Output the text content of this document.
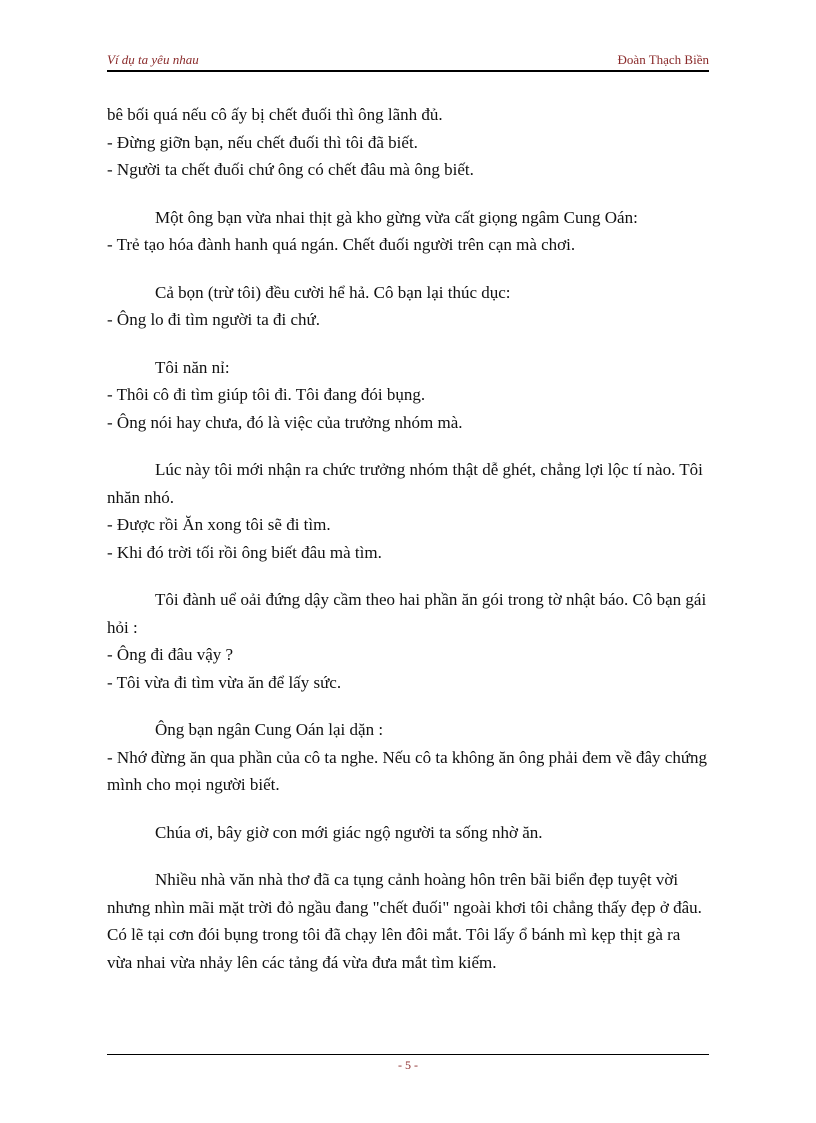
Ví dụ ta yêu nhau	Đoàn Thạch Biền

bê bối quá nếu cô ấy bị chết đuối thì ông lãnh đủ.

- Đừng giỡn bạn, nếu chết đuối thì tôi đã biết.

- Người ta chết đuối chứ ông có chết đâu mà ông biết.

Một ông bạn vừa nhai thịt gà kho gừng vừa cất giọng ngâm Cung Oán:

- Trẻ tạo hóa đành hanh quá ngán. Chết đuối người trên cạn mà chơi.

Cả bọn (trừ tôi) đều cười hể hả. Cô bạn lại thúc dục:

- Ông lo đi tìm người ta đi chứ.

Tôi năn nỉ:

- Thôi cô đi tìm giúp tôi đi. Tôi đang đói bụng.

- Ông nói hay chưa, đó là việc của trưởng nhóm mà.

Lúc này tôi mới nhận ra chức trưởng nhóm thật dễ ghét, chẳng lợi lộc tí nào. Tôi nhăn nhó.

- Được rồi Ăn xong tôi sẽ đi tìm.

- Khi đó trời tối rồi ông biết đâu mà tìm.

Tôi đành uể oải đứng dậy cầm theo hai phần ăn gói trong tờ nhật báo. Cô bạn gái hỏi :

- Ông đi đâu vậy ?

- Tôi vừa đi tìm vừa ăn để lấy sức.

Ông bạn ngân Cung Oán lại dặn :

- Nhớ đừng ăn qua phần của cô ta nghe. Nếu cô ta không ăn ông phải đem về đây chứng mình cho mọi người biết.

Chúa ơi, bây giờ con mới giác ngộ người ta sống nhờ ăn.

Nhiều nhà văn nhà thơ đã ca tụng cảnh hoàng hôn trên bãi biển đẹp tuyệt vời nhưng nhìn mãi mặt trời đỏ ngầu đang "chết đuối" ngoài khơi tôi chẳng thấy đẹp ở đâu. Có lẽ tại cơn đói bụng trong tôi đã chạy lên đôi mắt. Tôi lấy ổ bánh mì kẹp thịt gà ra vừa nhai vừa nhảy lên các tảng đá vừa đưa mắt tìm kiếm.

- 5 -
